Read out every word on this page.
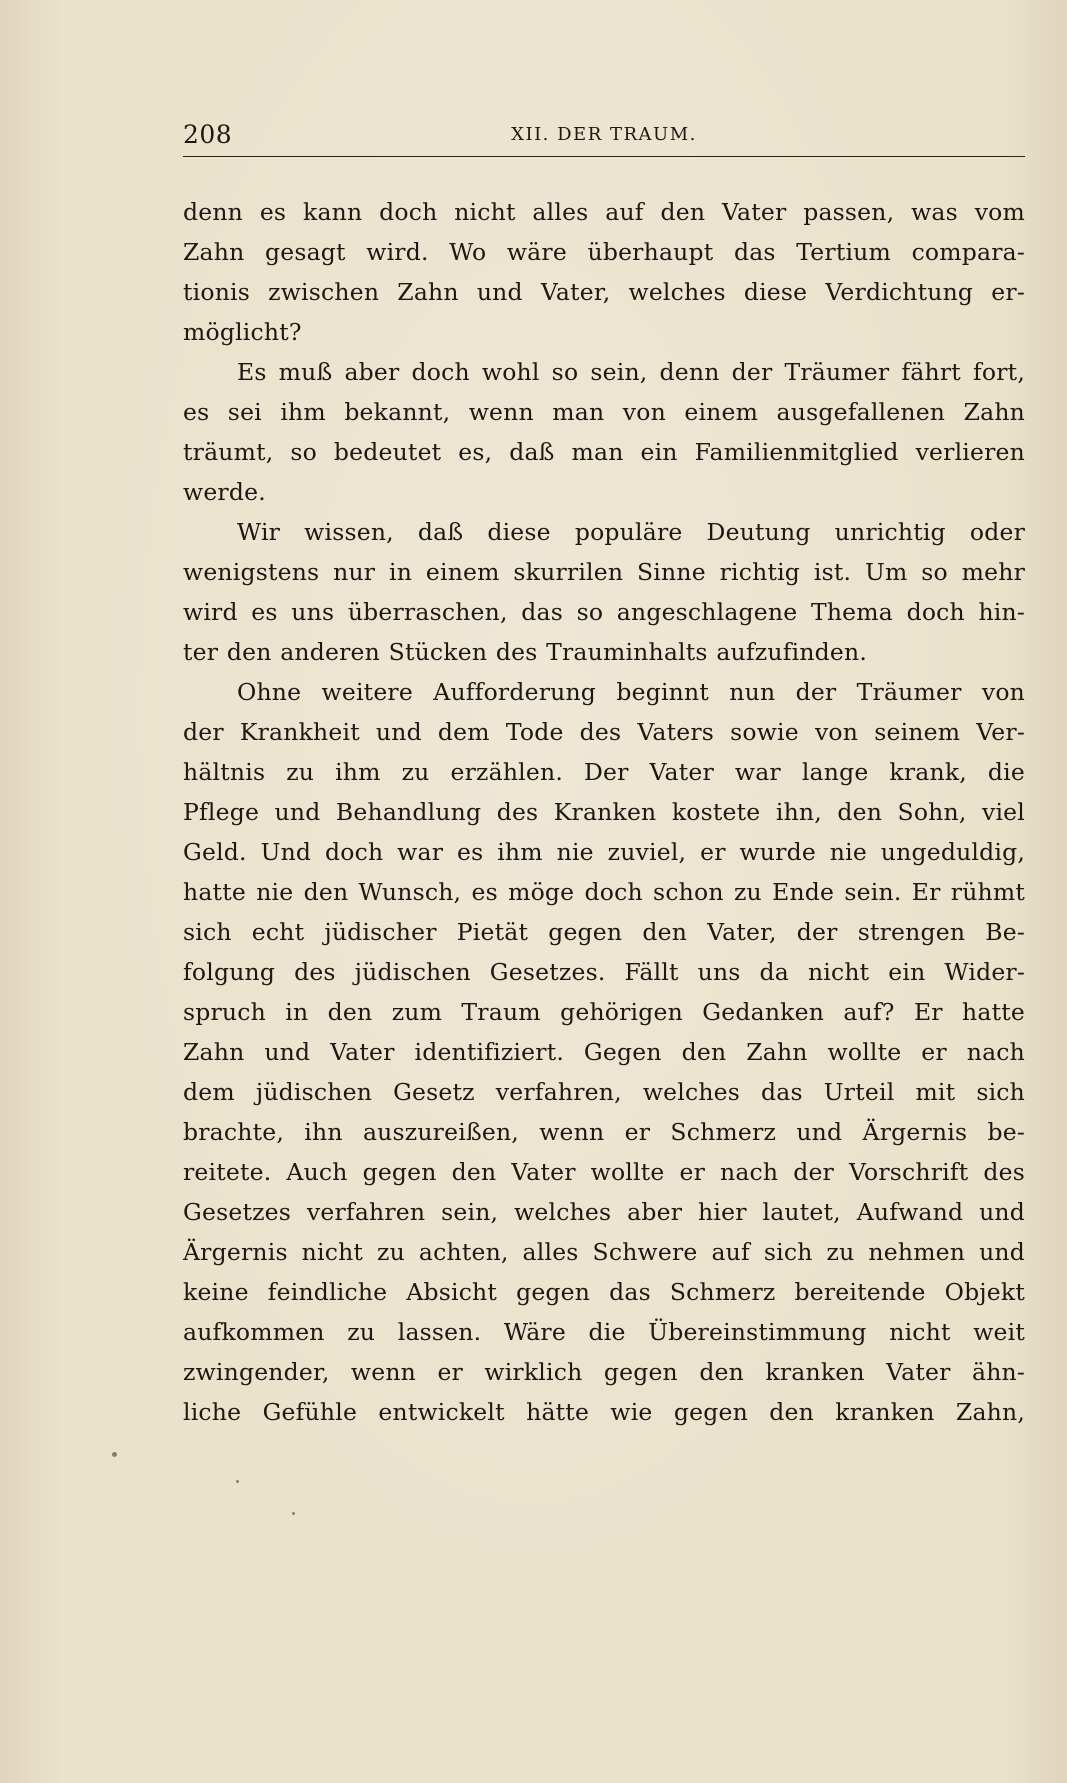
208	XII. DER TRAUM.
denn es kann doch nicht alles auf den Vater passen, was vom
Zahn gesagt wird. Wo wäre überhaupt das Tertium compara-
tionis zwischen Zahn und Vater, welches diese Verdichtung er-
möglicht?
Es muß aber doch wohl so sein, denn der Träumer fährt fort,
es sei ihm bekannt, wenn man von einem ausgefallenen Zahn
träumt, so bedeutet es, daß man ein Familienmitglied verlieren
werde.
Wir wissen, daß diese populäre Deutung unrichtig oder
wenigstens nur in einem skurrilen Sinne richtig ist. Um so mehr
wird es uns überraschen, das so angeschlagene Thema doch hin-
ter den anderen Stücken des Trauminhalts aufzufinden.
Ohne weitere Aufforderung beginnt nun der Träumer von
der Krankheit und dem Tode des Vaters sowie von seinem Ver-
hältnis zu ihm zu erzählen. Der Vater war lange krank, die
Pflege und Behandlung des Kranken kostete ihn, den Sohn, viel
Geld. Und doch war es ihm nie zuviel, er wurde nie ungeduldig,
hatte nie den Wunsch, es möge doch schon zu Ende sein. Er rühmt
sich echt jüdischer Pietät gegen den Vater, der strengen Be-
folgung des jüdischen Gesetzes. Fällt uns da nicht ein Wider-
spruch in den zum Traum gehörigen Gedanken auf? Er hatte
Zahn und Vater identifiziert. Gegen den Zahn wollte er nach
dem jüdischen Gesetz verfahren, welches das Urteil mit sich
brachte, ihn auszureißen, wenn er Schmerz und Ärgernis be-
reitete. Auch gegen den Vater wollte er nach der Vorschrift des
Gesetzes verfahren sein, welches aber hier lautet, Aufwand und
Ärgernis nicht zu achten, alles Schwere auf sich zu nehmen und
keine feindliche Absicht gegen das Schmerz bereitende Objekt
aufkommen zu lassen. Wäre die Übereinstimmung nicht weit
zwingender, wenn er wirklich gegen den kranken Vater ähn-
liche Gefühle entwickelt hätte wie gegen den kranken Zahn,
